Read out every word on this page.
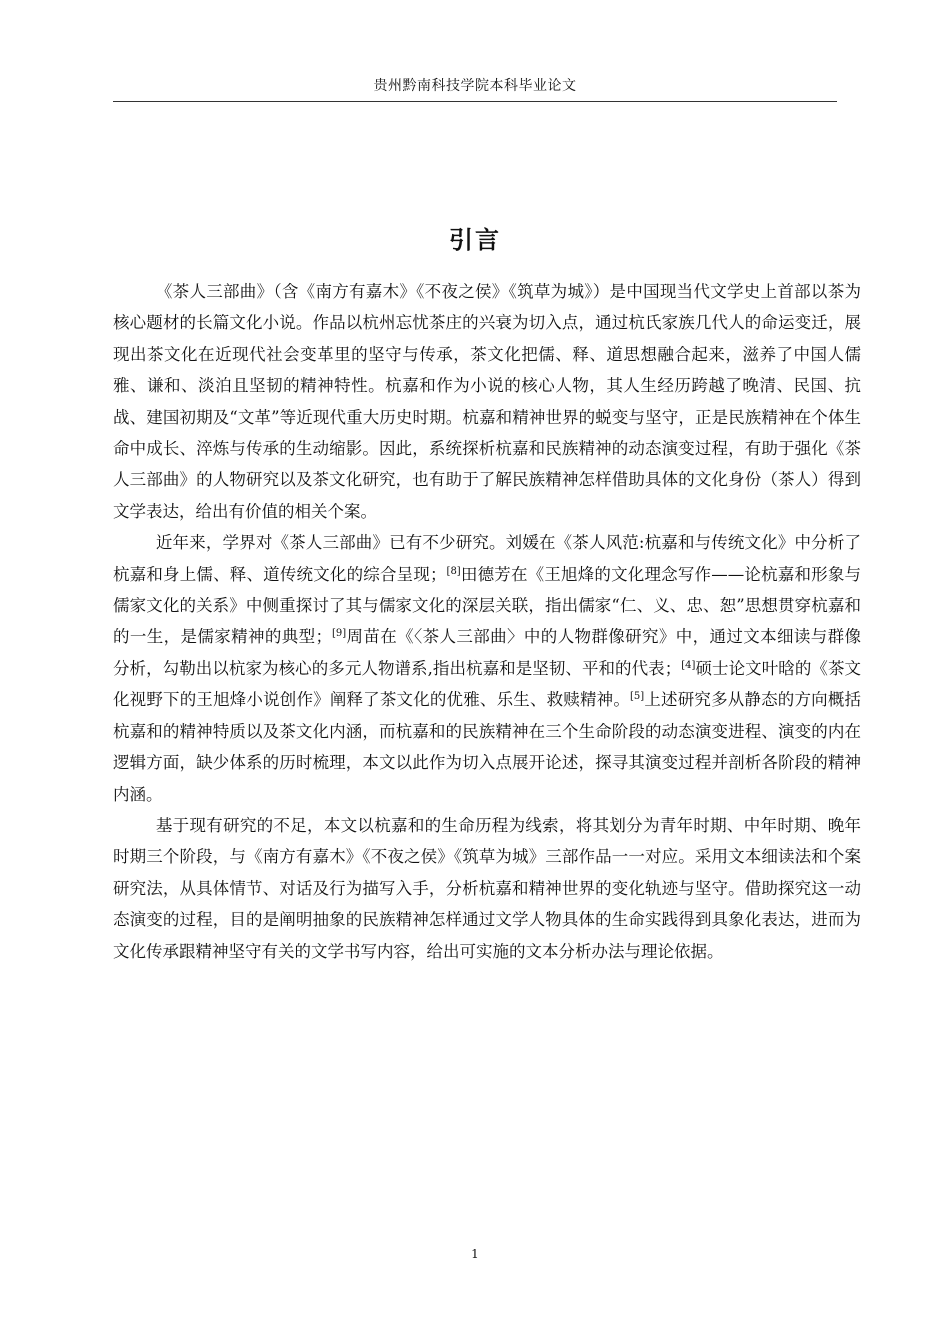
贵州黔南科技学院本科毕业论文
引言

《茶人三部曲》（含《南方有嘉木》《不夜之侯》《筑草为城》）是中国现当代文学史上首部以茶为核心题材的长篇文化小说。作品以杭州忘忧茶庄的兴衰为切入点，通过杭氏家族几代人的命运变迁，展现出茶文化在近现代社会变革里的坚守与传承，茶文化把儒、释、道思想融合起来，滋养了中国人儒雅、谦和、淡泊且坚韧的精神特性。杭嘉和作为小说的核心人物，其人生经历跨越了晚清、民国、抗战、建国初期及“文革”等近现代重大历史时期。杭嘉和精神世界的蜕变与坚守，正是民族精神在个体生命中成长、淬炼与传承的生动缩影。因此，系统探析杭嘉和民族精神的动态演变过程，有助于强化《茶人三部曲》的人物研究以及茶文化研究，也有助于了解民族精神怎样借助具体的文化身份（茶人）得到文学表达，给出有价值的相关个案。

近年来，学界对《茶人三部曲》已有不少研究。刘媛在《茶人风范:杭嘉和与传统文化》中分析了杭嘉和身上儒、释、道传统文化的综合呈现；[8]田德芳在《王旭烽的文化理念写作——论杭嘉和形象与儒家文化的关系》中侧重探讨了其与儒家文化的深层关联，指出儒家“仁、义、忠、恕”思想贯穿杭嘉和的一生，是儒家精神的典型；[9]周苗在《〈茶人三部曲〉中的人物群像研究》中，通过文本细读与群像分析，勾勒出以杭家为核心的多元人物谱系,指出杭嘉和是坚韧、平和的代表；[4]硕士论文叶晗的《茶文化视野下的王旭烽小说创作》阐释了茶文化的优雅、乐生、救赎精神。[5]上述研究多从静态的方向概括杭嘉和的精神特质以及茶文化内涵，而杭嘉和的民族精神在三个生命阶段的动态演变进程、演变的内在逻辑方面，缺少体系的历时梳理，本文以此作为切入点展开论述，探寻其演变过程并剖析各阶段的精神内涵。

基于现有研究的不足，本文以杭嘉和的生命历程为线索，将其划分为青年时期、中年时期、晚年时期三个阶段，与《南方有嘉木》《不夜之侯》《筑草为城》三部作品一一对应。采用文本细读法和个案研究法，从具体情节、对话及行为描写入手，分析杭嘉和精神世界的变化轨迹与坚守。借助探究这一动态演变的过程，目的是阐明抽象的民族精神怎样通过文学人物具体的生命实践得到具象化表达，进而为文化传承跟精神坚守有关的文学书写内容，给出可实施的文本分析办法与理论依据。

1
